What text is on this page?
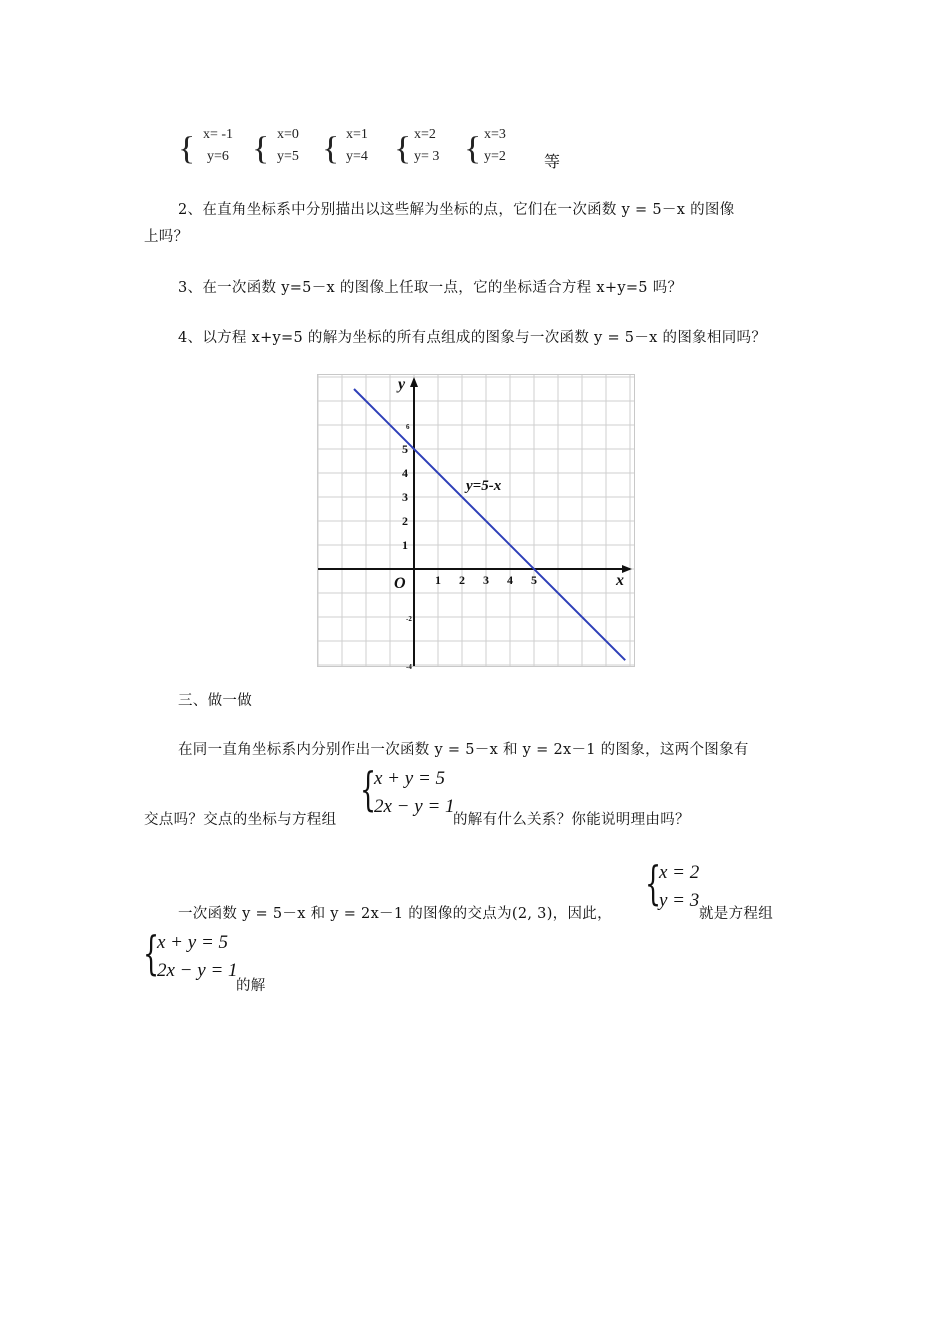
{ x= -1
y=6 { x=0
y=5 { x=1
y=4 { x=2
y= 3 { x=3
y=2 等
2、在直角坐标系中分别描出以这些解为坐标的点，它们在一次函数 y = 5－x 的图像
上吗？
3、在一次函数 y=5－x 的图像上任取一点，它的坐标适合方程 x+y=5 吗？
4、以方程 x+y=5 的解为坐标的所有点组成的图象与一次函数 y = 5－x 的图象相同吗？
6
5
4
3
2
1
-2
-4
1 2 3 4 5
y=5-x
y
x
O
三、做一做
在同一直角坐标系内分别作出一次函数 y = 5－x 和 y = 2x－1 的图象，这两个图象有
交点吗？交点的坐标与方程组
{
x + y = 5
2x − y = 1
的解有什么关系？你能说明理由吗？
一次函数 y = 5－x 和 y = 2x－1 的图像的交点为(2, 3)，因此，
{
x = 2
y = 3
就是方程组
{
x + y = 5
2x − y = 1
的解
